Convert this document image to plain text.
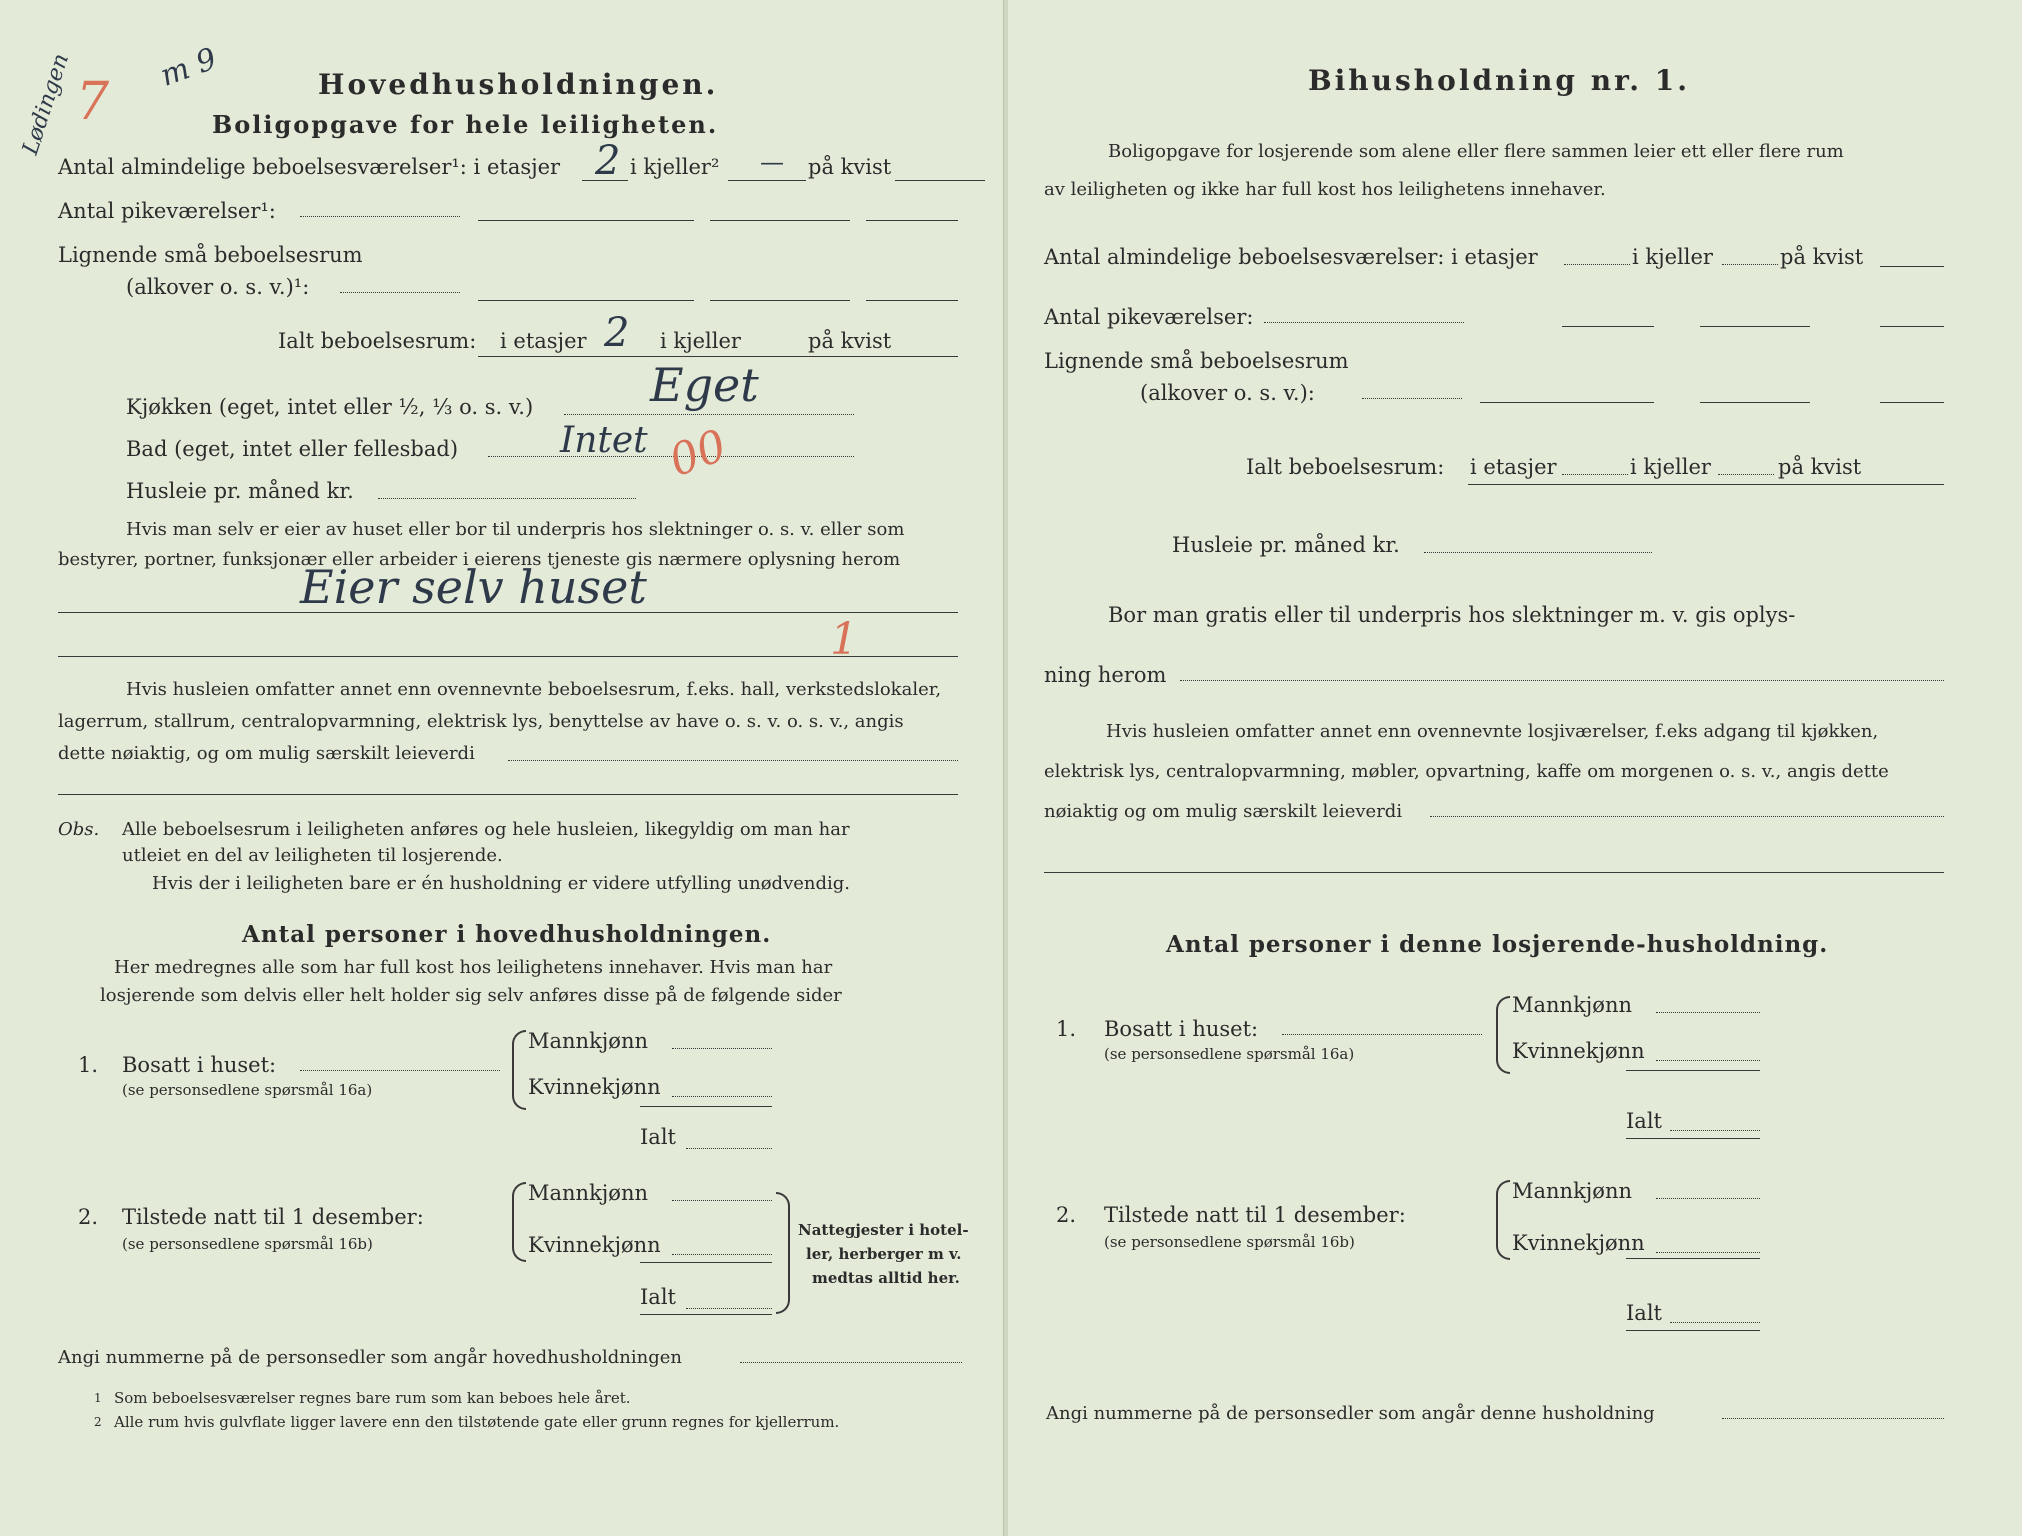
Lødingen 7
m 9	Hovedhusholdningen.
Boligopgave for hele leiligheten.
Antal almindelige beboelsesværelser¹: i etasjer 2 i kjeller² — på kvist
Antal pikeværelser¹:
Lignende små beboelsesrum
(alkover o. s. v.)¹:
Ialt beboelsesrum: i etasjer 2 i kjeller	på kvist
Kjøkken (eget, intet eller ½, ⅓ o. s. v.)	Eget
Bad (eget, intet eller fellesbad)	Intet 00
Husleie pr. måned kr.
Hvis man selv er eier av huset eller bor til underpris hos slektninger o. s. v. eller som
bestyrer, portner, funksjonær eller arbeider i eierens tjeneste gis nærmere oplysning herom
Eier selv huset
1
Hvis husleien omfatter annet enn ovennevnte beboelsesrum, f.eks. hall, verkstedslokaler,
lagerrum, stallrum, centralopvarmning, elektrisk lys, benyttelse av have o. s. v. o. s. v., angis
dette nøiaktig, og om mulig særskilt leieverdi
Obs. Alle beboelsesrum i leiligheten anføres og hele husleien, likegyldig om man har
utleiet en del av leiligheten til losjerende.
Hvis der i leiligheten bare er én husholdning er videre utfylling unødvendig.
Antal personer i hovedhusholdningen.
Her medregnes alle som har full kost hos leilighetens innehaver. Hvis man har
losjerende som delvis eller helt holder sig selv anføres disse på de følgende sider
1. Bosatt i huset:
(se personsedlene spørsmål 16a)
Mannkjønn
Kvinnekjønn
Ialt
2. Tilstede natt til 1 desember:
(se personsedlene spørsmål 16b)
Mannkjønn
Kvinnekjønn
Ialt
Nattegjester i hotel-
ler, herberger m v.
medtas alltid her.
Angi nummerne på de personsedler som angår hovedhusholdningen
1 Som beboelsesværelser regnes bare rum som kan beboes hele året.
2 Alle rum hvis gulvflate ligger lavere enn den tilstøtende gate eller grunn regnes for kjellerrum.
Bihusholdning nr. 1.
Boligopgave for losjerende som alene eller flere sammen leier ett eller flere rum
av leiligheten og ikke har full kost hos leilighetens innehaver.
Antal almindelige beboelsesværelser: i etasjer	i kjeller	på kvist
Antal pikeværelser:
Lignende små beboelsesrum
(alkover o. s. v.):
Ialt beboelsesrum: i etasjer	i kjeller	på kvist
Husleie pr. måned kr.
Bor man gratis eller til underpris hos slektninger m. v. gis oplys-
ning herom
Hvis husleien omfatter annet enn ovennevnte losjiværelser, f.eks adgang til kjøkken,
elektrisk lys, centralopvarmning, møbler, opvartning, kaffe om morgenen o. s. v., angis dette
nøiaktig og om mulig særskilt leieverdi
Antal personer i denne losjerende-husholdning.
1. Bosatt i huset:
(se personsedlene spørsmål 16a)
Mannkjønn
Kvinnekjønn
Ialt
2. Tilstede natt til 1 desember:
(se personsedlene spørsmål 16b)
Mannkjønn
Kvinnekjønn
Ialt
Angi nummerne på de personsedler som angår denne husholdning
